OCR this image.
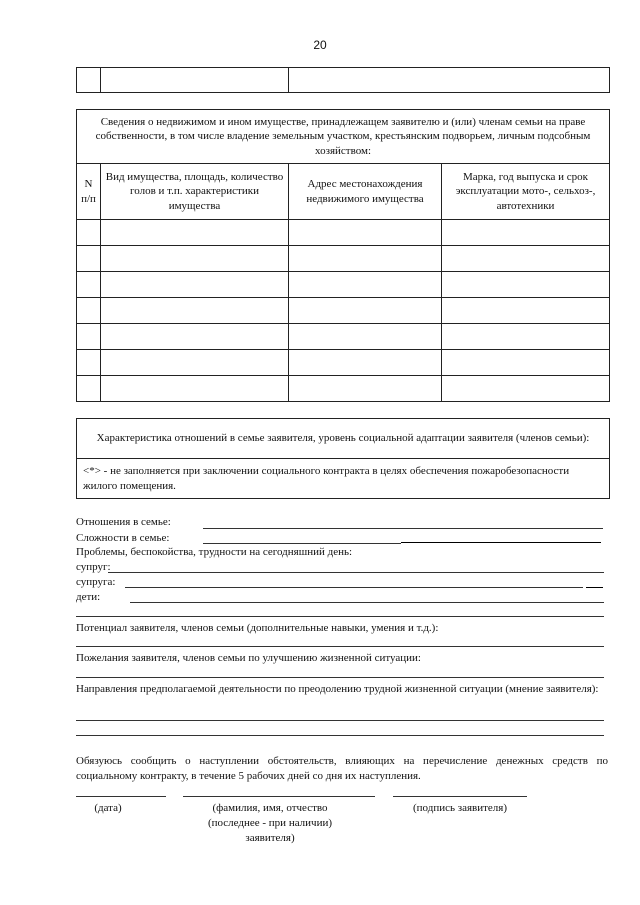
20

Сведения о недвижимом и ином имуществе, принадлежащем заявителю и (или) членам семьи на праве собственности, в том числе владение земельным участком, крестьянским подворьем, личным подсобным хозяйством:			
N п/п	Вид имущества, площадь, количество голов и т.п. характеристики имущества	Адрес местонахождения недвижимого имущества	Марка, год выпуска и срок эксплуатации мото-, сельхоз-, автотехники

Характеристика отношений в семье заявителя, уровень социальной адаптации заявителя (членов семьи):
<*> - не заполняется при заключении социального контракта в целях обеспечения пожаробезопасности жилого помещения.
Отношения в семье:
Сложности в семье:
Проблемы, беспокойства, трудности на сегодняшний день:
супруг:
супруга:
дети:
Потенциал заявителя, членов семьи (дополнительные навыки, умения и т.д.):
Пожелания заявителя, членов семьи по улучшению жизненной ситуации:
Направления предполагаемой деятельности по преодолению трудной жизненной ситуации (мнение заявителя):
Обязуюсь сообщить о наступлении обстоятельств, влияющих на перечисление денежных средств по социальному контракту, в течение 5 рабочих дней со дня их наступления.
(дата)	(фамилия, имя, отчество (последнее - при наличии) заявителя)
(подпись заявителя)
